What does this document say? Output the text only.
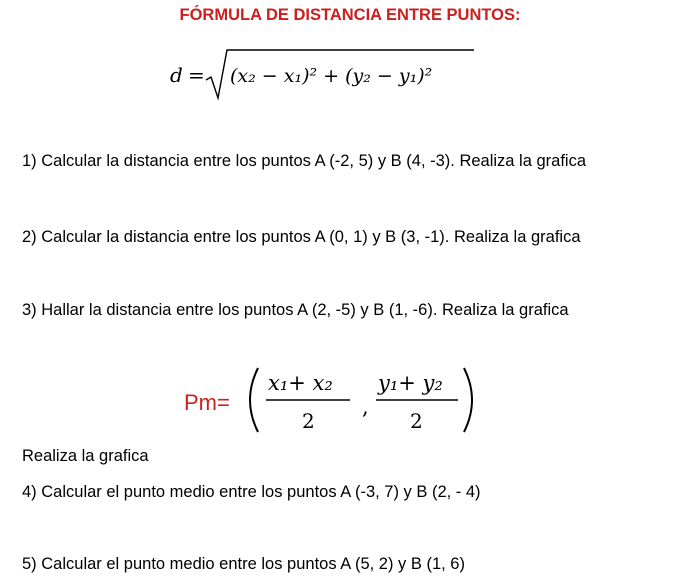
FÓRMULA DE DISTANCIA ENTRE PUNTOS:
d = (x₂ − x₁)² + (y₂ − y₁)²
1) Calcular la distancia entre los puntos A (-2, 5) y B (4, -3). Realiza la grafica
2) Calcular la distancia entre los puntos A (0, 1) y B (3, -1). Realiza la grafica
3) Hallar la distancia entre los puntos A (2, -5) y B (1, -6). Realiza la grafica
Pm=
x₁+ x₂
2
,
y₁+ y₂
2
Realiza la grafica
4) Calcular el punto medio entre los puntos A (-3, 7) y B (2, - 4)
5) Calcular el punto medio entre los puntos A (5, 2) y B (1, 6)
